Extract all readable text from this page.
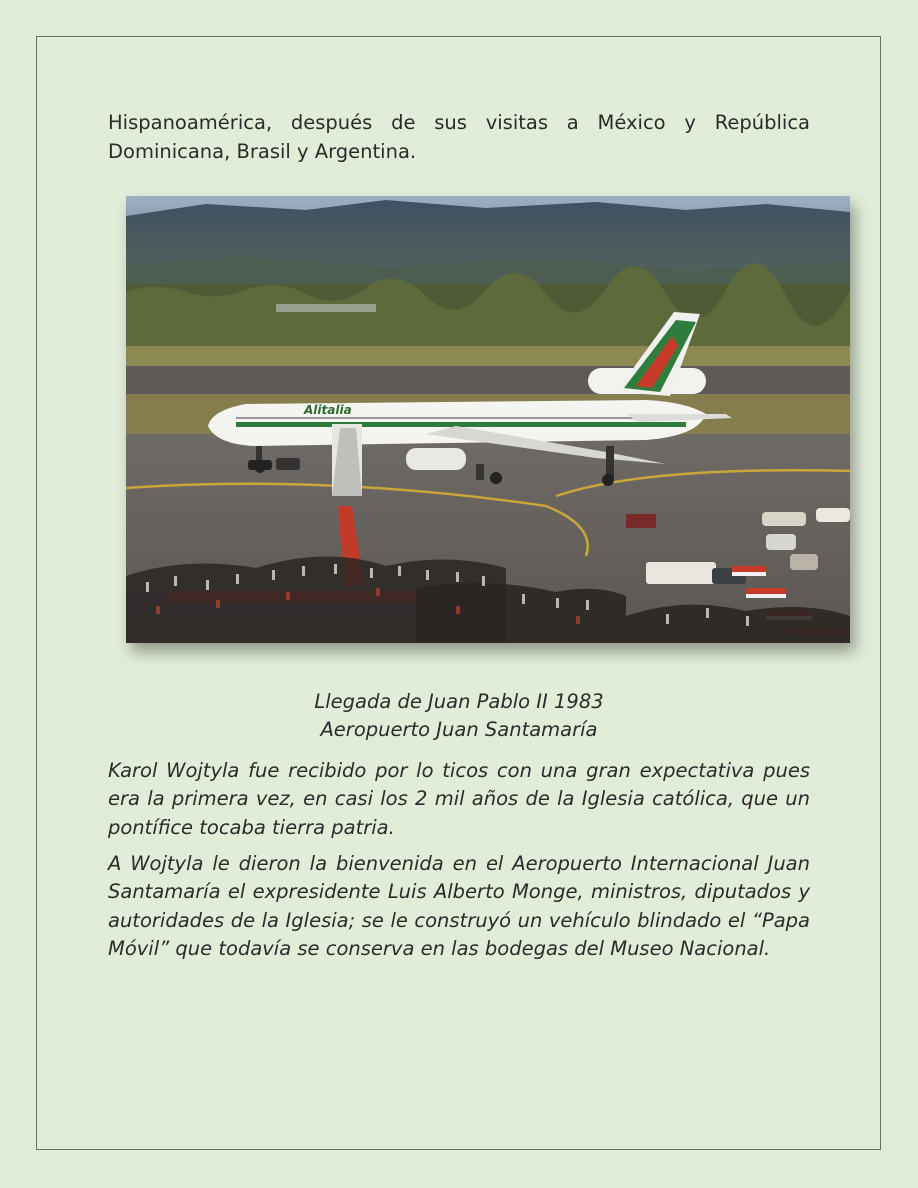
Hispanoamérica, después de sus visitas a México y República Dominicana, Brasil y Argentina.

Alitalia
Llegada de Juan Pablo II 1983
Aeropuerto Juan Santamaría

Karol Wojtyla fue recibido por lo ticos con una gran expectativa pues era la primera vez, en casi los 2 mil años de la Iglesia católica, que un pontífice tocaba tierra patria.

A Wojtyla le dieron la bienvenida en el Aeropuerto Internacional Juan Santamaría el expresidente Luis Alberto Monge, ministros, diputados y autoridades de la Iglesia; se le construyó un vehículo blindado el “Papa Móvil” que todavía se conserva en las bodegas del Museo Nacional.
